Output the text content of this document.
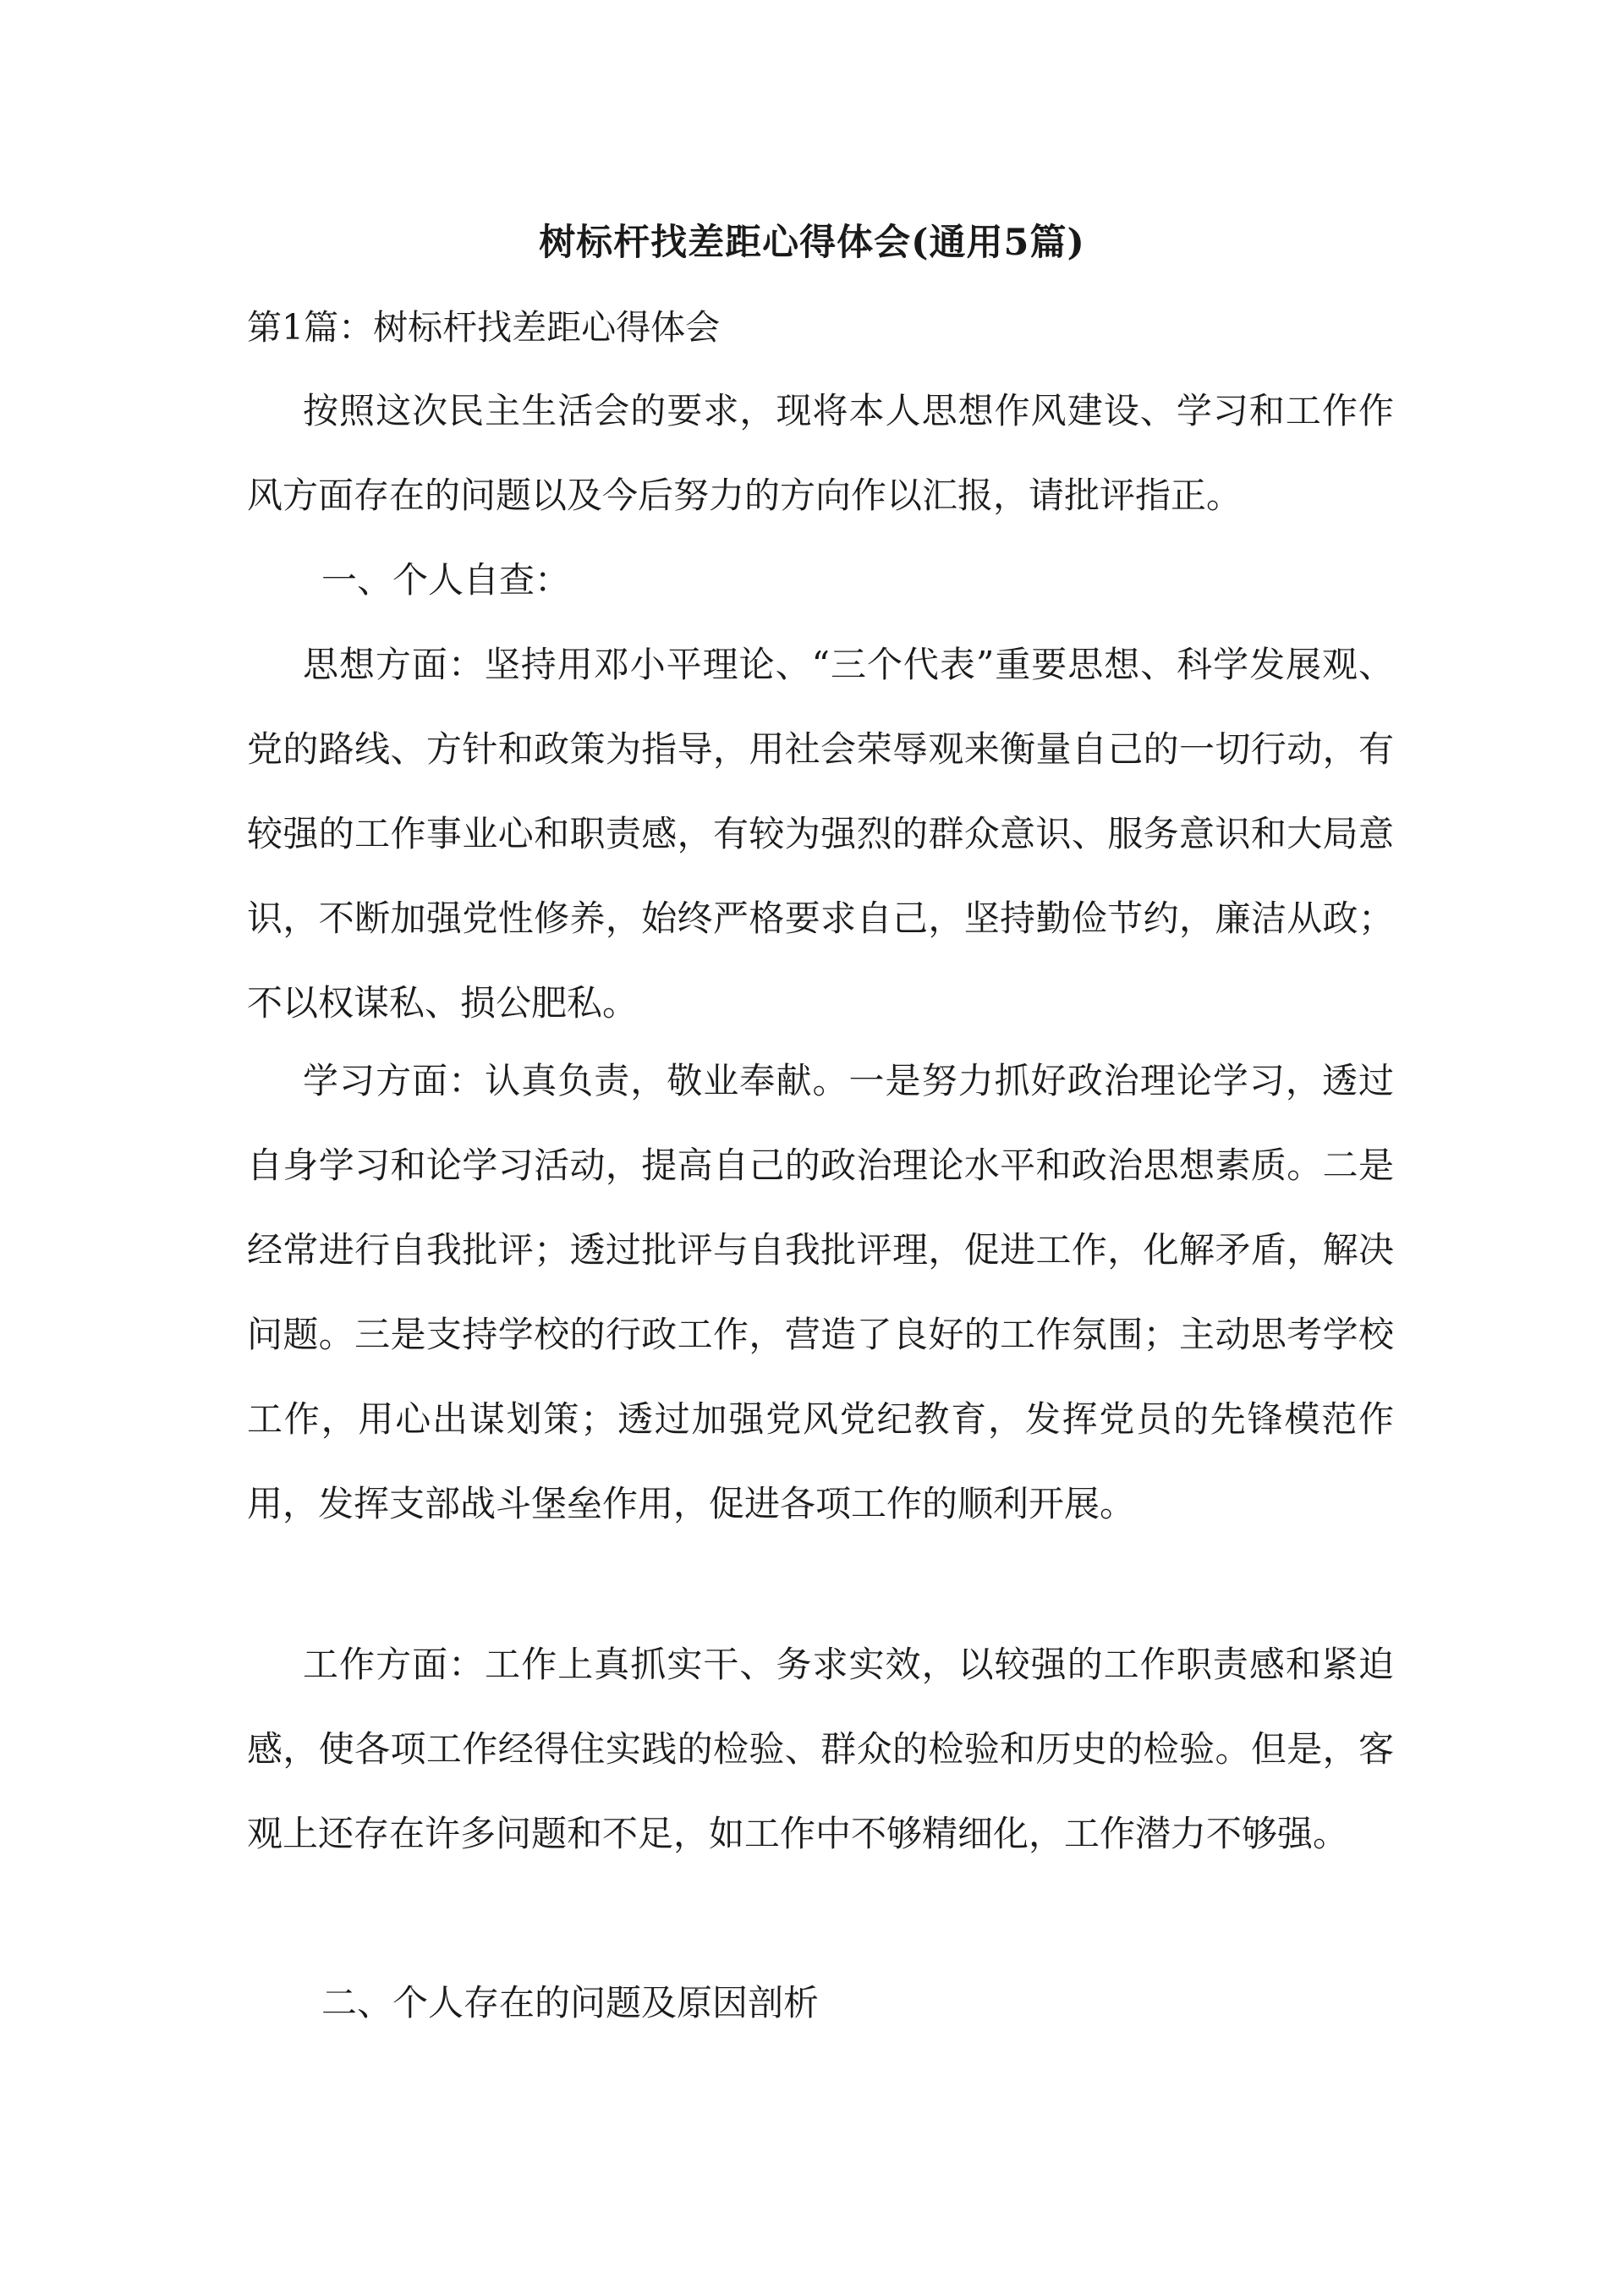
树标杆找差距心得体会(通用5篇)
第1篇：树标杆找差距心得体会

按照这次民主生活会的要求，现将本人思想作风建设、学习和工作作风方面存在的问题以及今后努力的方向作以汇报，请批评指正。

一、个人自查：

思想方面：坚持用邓小平理论、“三个代表”重要思想、科学发展观、党的路线、方针和政策为指导，用社会荣辱观来衡量自己的一切行动，有较强的工作事业心和职责感，有较为强烈的群众意识、服务意识和大局意识，不断加强党性修养，始终严格要求自己，坚持勤俭节约，廉洁从政；不以权谋私、损公肥私。

学习方面：认真负责，敬业奉献。一是努力抓好政治理论学习，透过自身学习和论学习活动，提高自己的政治理论水平和政治思想素质。二是经常进行自我批评；透过批评与自我批评理，促进工作，化解矛盾，解决问题。三是支持学校的行政工作，营造了良好的工作氛围；主动思考学校工作，用心出谋划策；透过加强党风党纪教育，发挥党员的先锋模范作用，发挥支部战斗堡垒作用，促进各项工作的顺利开展。

工作方面：工作上真抓实干、务求实效，以较强的工作职责感和紧迫感，使各项工作经得住实践的检验、群众的检验和历史的检验。但是，客观上还存在许多问题和不足，如工作中不够精细化，工作潜力不够强。

二、个人存在的问题及原因剖析
